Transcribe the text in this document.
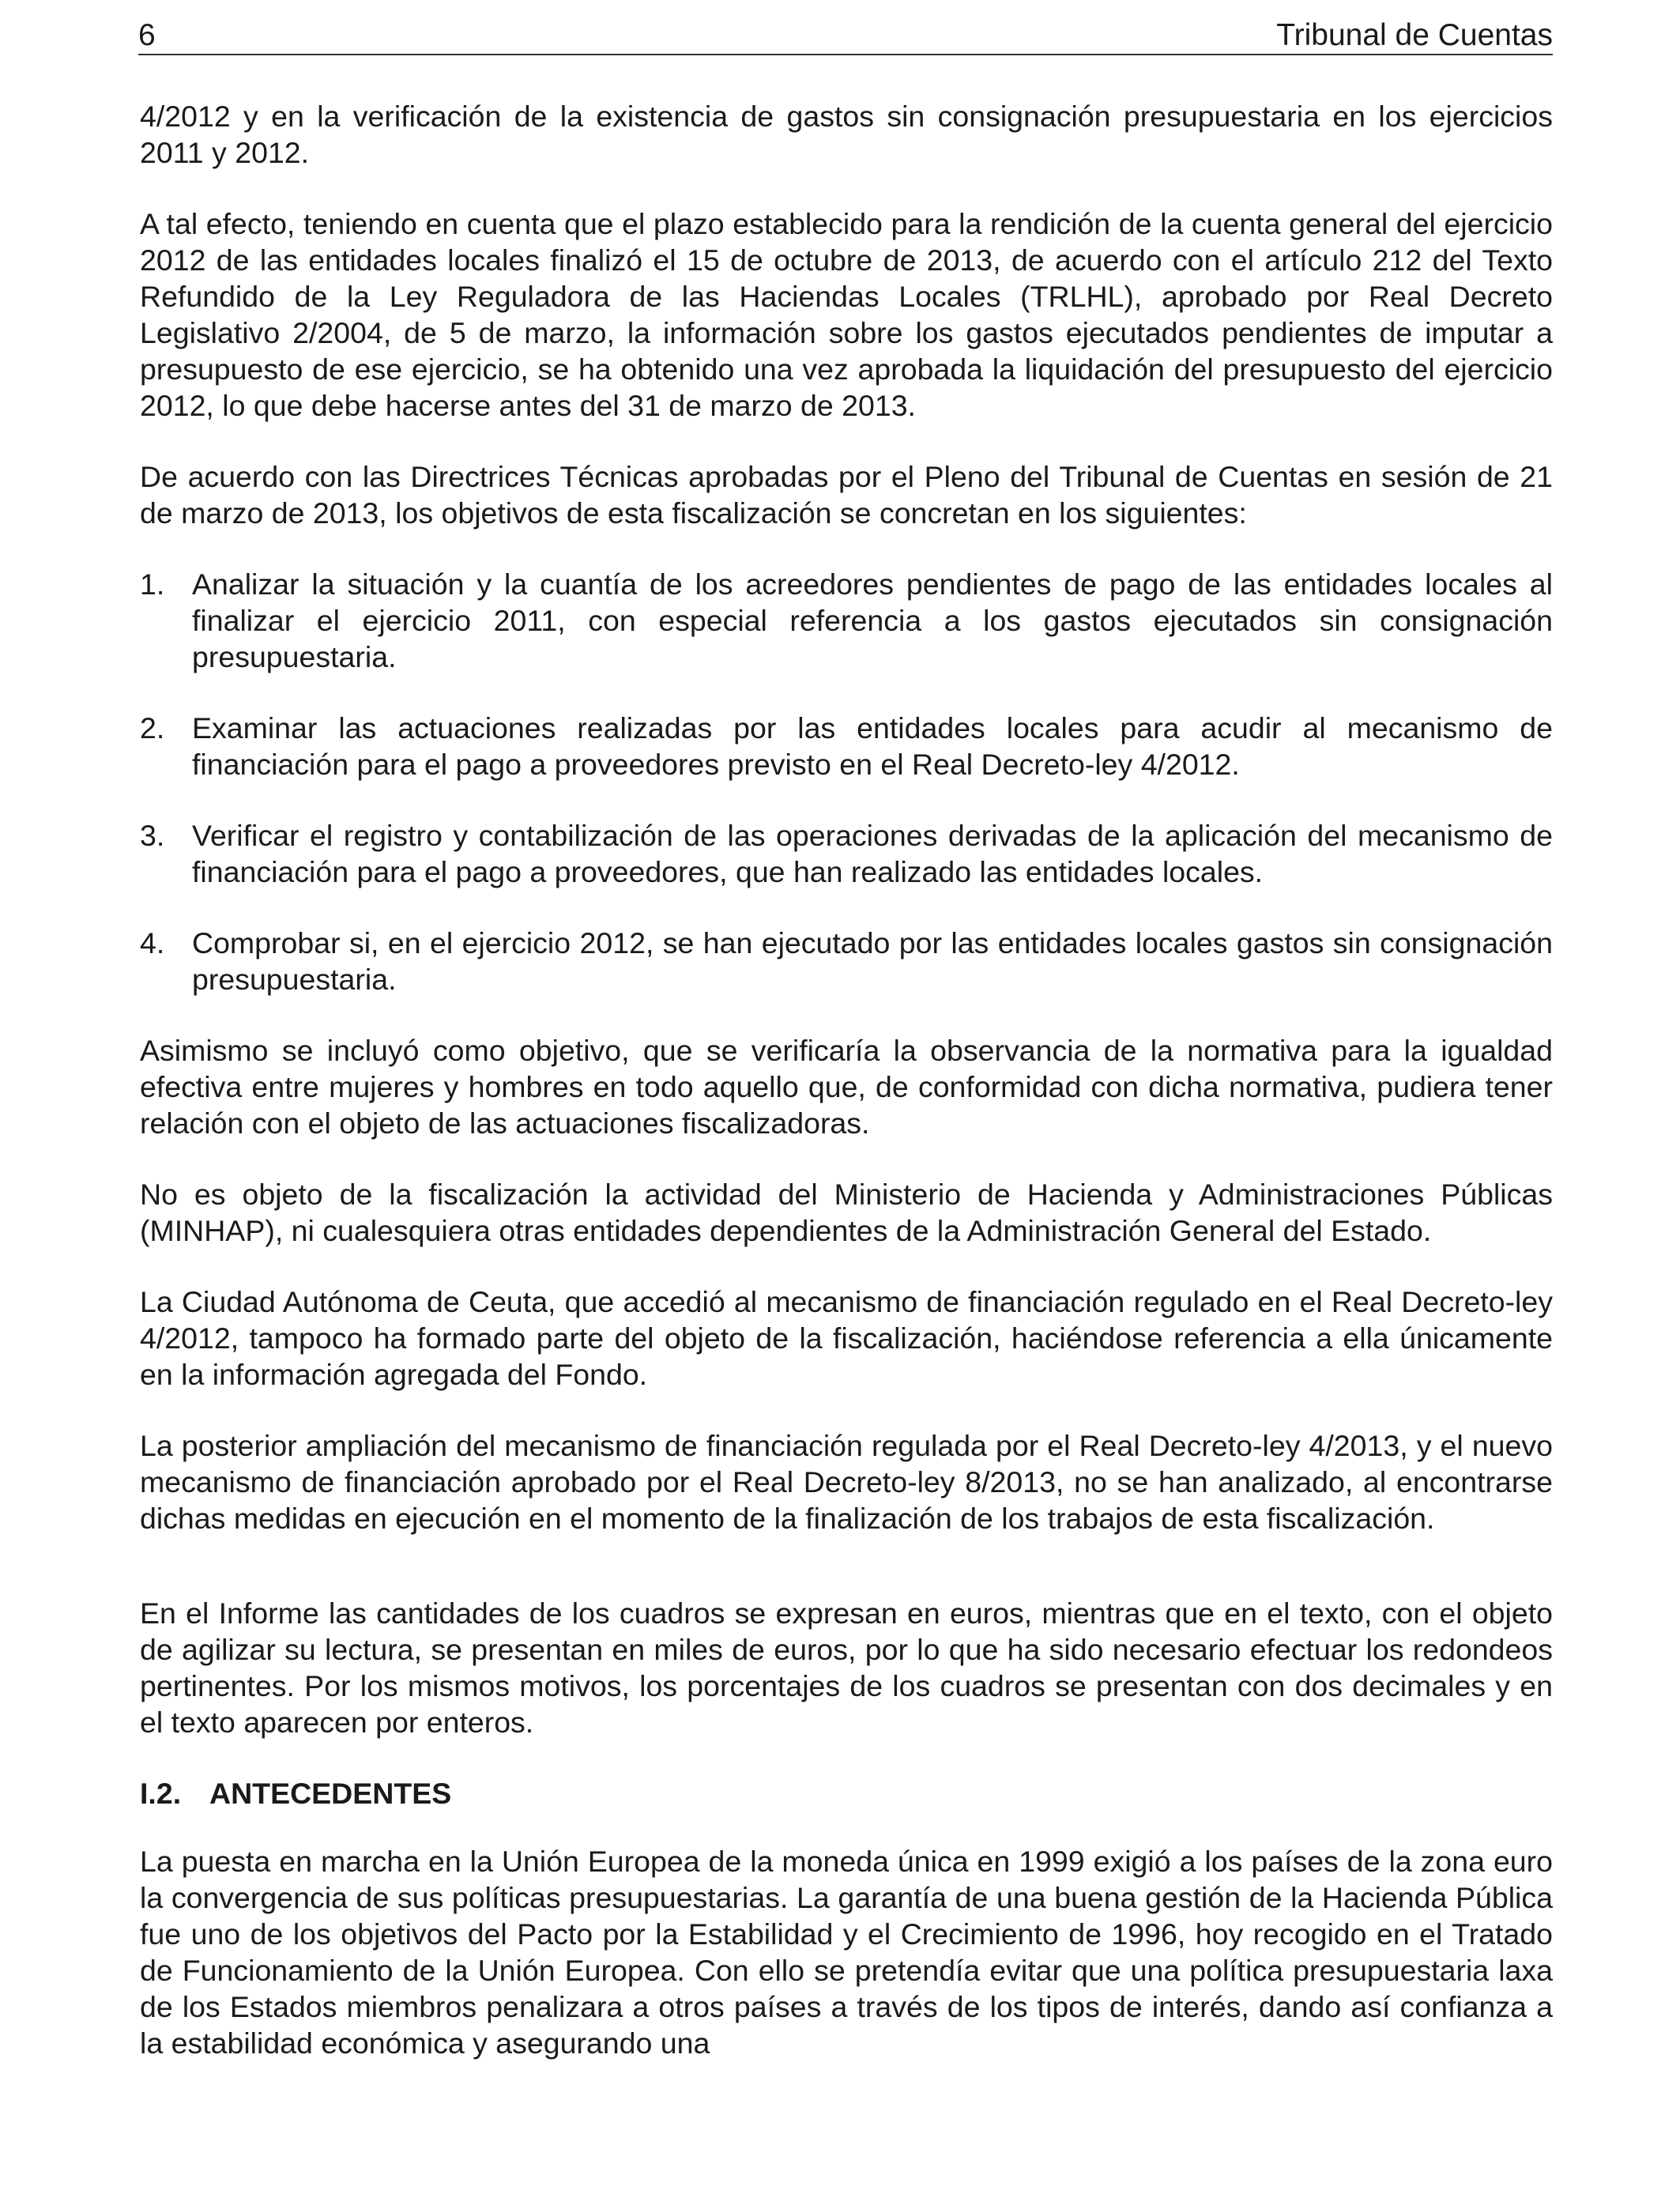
6	Tribunal de Cuentas

4/2012 y en la verificación de la existencia de gastos sin consignación presupuestaria en los ejercicios 2011 y 2012.

A tal efecto, teniendo en cuenta que el plazo establecido para la rendición de la cuenta general del ejercicio 2012 de las entidades locales finalizó el 15 de octubre de 2013, de acuerdo con el artículo 212 del Texto Refundido de la Ley Reguladora de las Haciendas Locales (TRLHL), aprobado por Real Decreto Legislativo 2/2004, de 5 de marzo, la información sobre los gastos ejecutados pendientes de imputar a presupuesto de ese ejercicio, se ha obtenido una vez aprobada la liquidación del presupuesto del ejercicio 2012, lo que debe hacerse antes del 31 de marzo de 2013.

De acuerdo con las Directrices Técnicas aprobadas por el Pleno del Tribunal de Cuentas en sesión de 21 de marzo de 2013, los objetivos de esta fiscalización se concretan en los siguientes:

1. Analizar la situación y la cuantía de los acreedores pendientes de pago de las entidades locales al finalizar el ejercicio 2011, con especial referencia a los gastos ejecutados sin consignación presupuestaria.
2. Examinar las actuaciones realizadas por las entidades locales para acudir al mecanismo de financiación para el pago a proveedores previsto en el Real Decreto-ley 4/2012.
3. Verificar el registro y contabilización de las operaciones derivadas de la aplicación del mecanismo de financiación para el pago a proveedores, que han realizado las entidades locales.
4. Comprobar si, en el ejercicio 2012, se han ejecutado por las entidades locales gastos sin consignación presupuestaria.

Asimismo se incluyó como objetivo, que se verificaría la observancia de la normativa para la igualdad efectiva entre mujeres y hombres en todo aquello que, de conformidad con dicha normativa, pudiera tener relación con el objeto de las actuaciones fiscalizadoras.

No es objeto de la fiscalización la actividad del Ministerio de Hacienda y Administraciones Públicas (MINHAP), ni cualesquiera otras entidades dependientes de la Administración General del Estado.

La Ciudad Autónoma de Ceuta, que accedió al mecanismo de financiación regulado en el Real Decreto-ley 4/2012, tampoco ha formado parte del objeto de la fiscalización, haciéndose referencia a ella únicamente en la información agregada del Fondo.

La posterior ampliación del mecanismo de financiación regulada por el Real Decreto-ley 4/2013, y el nuevo mecanismo de financiación aprobado por el Real Decreto-ley 8/2013, no se han analizado, al encontrarse dichas medidas en ejecución en el momento de la finalización de los trabajos de esta fiscalización.

En el Informe las cantidades de los cuadros se expresan en euros, mientras que en el texto, con el objeto de agilizar su lectura, se presentan en miles de euros, por lo que ha sido necesario efectuar los redondeos pertinentes. Por los mismos motivos, los porcentajes de los cuadros se presentan con dos decimales y en el texto aparecen por enteros.

I.2. ANTECEDENTES

La puesta en marcha en la Unión Europea de la moneda única en 1999 exigió a los países de la zona euro la convergencia de sus políticas presupuestarias. La garantía de una buena gestión de la Hacienda Pública fue uno de los objetivos del Pacto por la Estabilidad y el Crecimiento de 1996, hoy recogido en el Tratado de Funcionamiento de la Unión Europea. Con ello se pretendía evitar que una política presupuestaria laxa de los Estados miembros penalizara a otros países a través de los tipos de interés, dando así confianza a la estabilidad económica y asegurando una
